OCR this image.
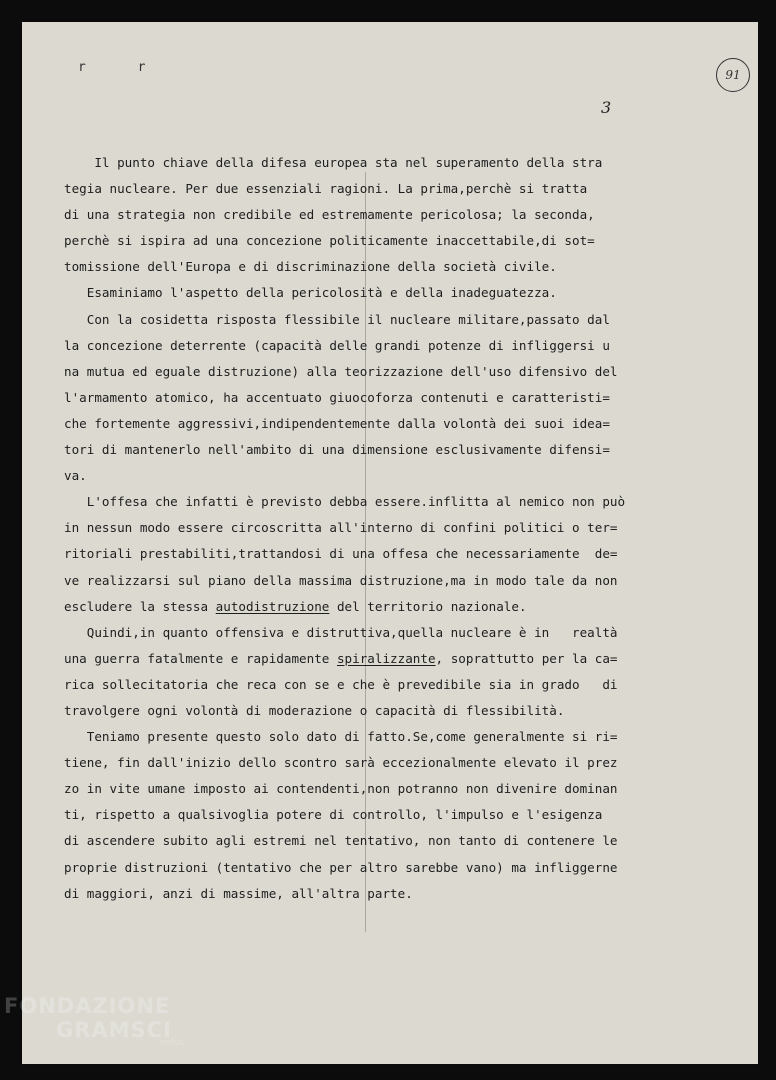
r r	91
3
Il punto chiave della difesa europea sta nel superamento della stra
tegia nucleare. Per due essenziali ragioni. La prima,perchè si tratta
di una strategia non credibile ed estremamente pericolosa; la seconda,
perchè si ispira ad una concezione politicamente inaccettabile,di sot=
tomissione dell'Europa e di discriminazione della società civile.
Esaminiamo l'aspetto della pericolosità e della inadeguatezza.
Con la cosidetta risposta flessibile il nucleare militare,passato dal
la concezione deterrente (capacità delle grandi potenze di infliggersi u
na mutua ed eguale distruzione) alla teorizzazione dell'uso difensivo del
l'armamento atomico, ha accentuato giuocoforza contenuti e caratteristi=
che fortemente aggressivi,indipendentemente dalla volontà dei suoi idea=
tori di mantenerlo nell'ambito di una dimensione esclusivamente difensi=
va.
L'offesa che infatti è previsto debba essere.inflitta al nemico non può
in nessun modo essere circoscritta all'interno di confini politici o ter=
ritoriali prestabiliti,trattandosi di una offesa che necessariamente  de=
ve realizzarsi sul piano della massima distruzione,ma in modo tale da non
escludere la stessa autodistruzione del territorio nazionale.
Quindi,in quanto offensiva e distruttiva,quella nucleare è in   realtà
una guerra fatalmente e rapidamente spiralizzante, soprattutto per la ca=
rica sollecitatoria che reca con se e che è prevedibile sia in grado   di
travolgere ogni volontà di moderazione o capacità di flessibilità.
Teniamo presente questo solo dato di fatto.Se,come generalmente si ri=
tiene, fin dall'inizio dello scontro sarà eccezionalmente elevato il prez
zo in vite umane imposto ai contendenti,non potranno non divenire dominan
ti, rispetto a qualsivoglia potere di controllo, l'impulso e l'esigenza
di ascendere subito agli estremi nel tentativo, non tanto di contenere le
proprie distruzioni (tentativo che per altro sarebbe vano) ma infliggerne
di maggiori, anzi di massime, all'altra parte.
FONDAZIONE
GRAMSCI
onlus
